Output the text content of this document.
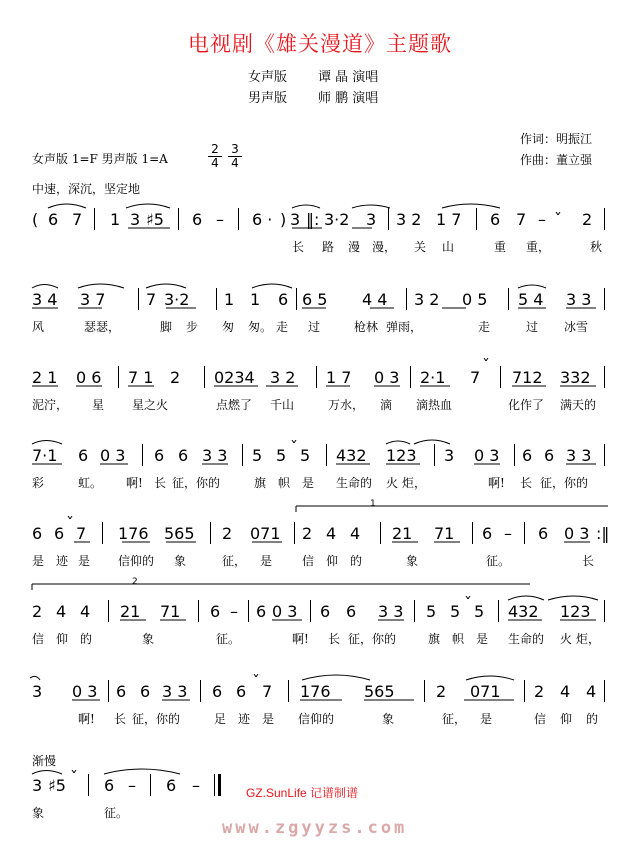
电视剧《雄关漫道》主题歌
女声版 谭 晶 演唱
男声版 师 鹏 演唱
作词：明振江
作曲：董立强
女声版 1=F 男声版 1=A
2
4
3
4
中速，深沉，坚定地
( 6 7 1 3 ♯5 6 – 6 · ) 3 ‖: 3·2 3 3 2 1 7 6 7 – ˇ 2
长 路 漫 漫， 关 山	重 重，	秋
3 4 3 7	7 3·2 1 1 6 6 5 4 4 3 2 0 5 5 4 3 3
风	瑟瑟，	脚 步 匆 匆。 走 过	枪林 弹雨，	走	过 冰雪
2 1 0 6 7 1 2 0234 3 2 1 7 0 3 2·1 7
ˇ
712 332
泥泞， 星 星之火	点燃了 千山	万水， 滴 滴热血	化作了 满天的
7·1 6 0 3 6 6 3 3 5 5 ˇ 5 432 123 3 0 3 6 6 3 3
彩	虹。 啊! 长 征，你的	旗 帜 是 生命的 火 炬，	啊! 长 征，你的
1
6 6
ˇ
7 176 565 2 071 2 4 4 21 71 6 – 6 0 3 :‖
是 迹 是 信仰的 象	征， 是 信 仰 的	象	征。	长
2
2 4 4 21 71 6 – 6 0 3 6 6 3 3 5 5 ˇ 5 432 123
信 仰 的	象	征。	啊! 长 征，你的	旗 帜 是 生命的 火 炬，
3 0 3 6 6 3 3 6 6
ˇ
7 176 565	2 071 2 4 4
啊! 长 征，你的	足 迹 是 信仰的	象	征， 是	信 仰 的
渐慢
3 ♯5 ˇ 6 – 6 –
象	征。
GZ.SunLife 记谱制谱
www.zgyyzs.com
